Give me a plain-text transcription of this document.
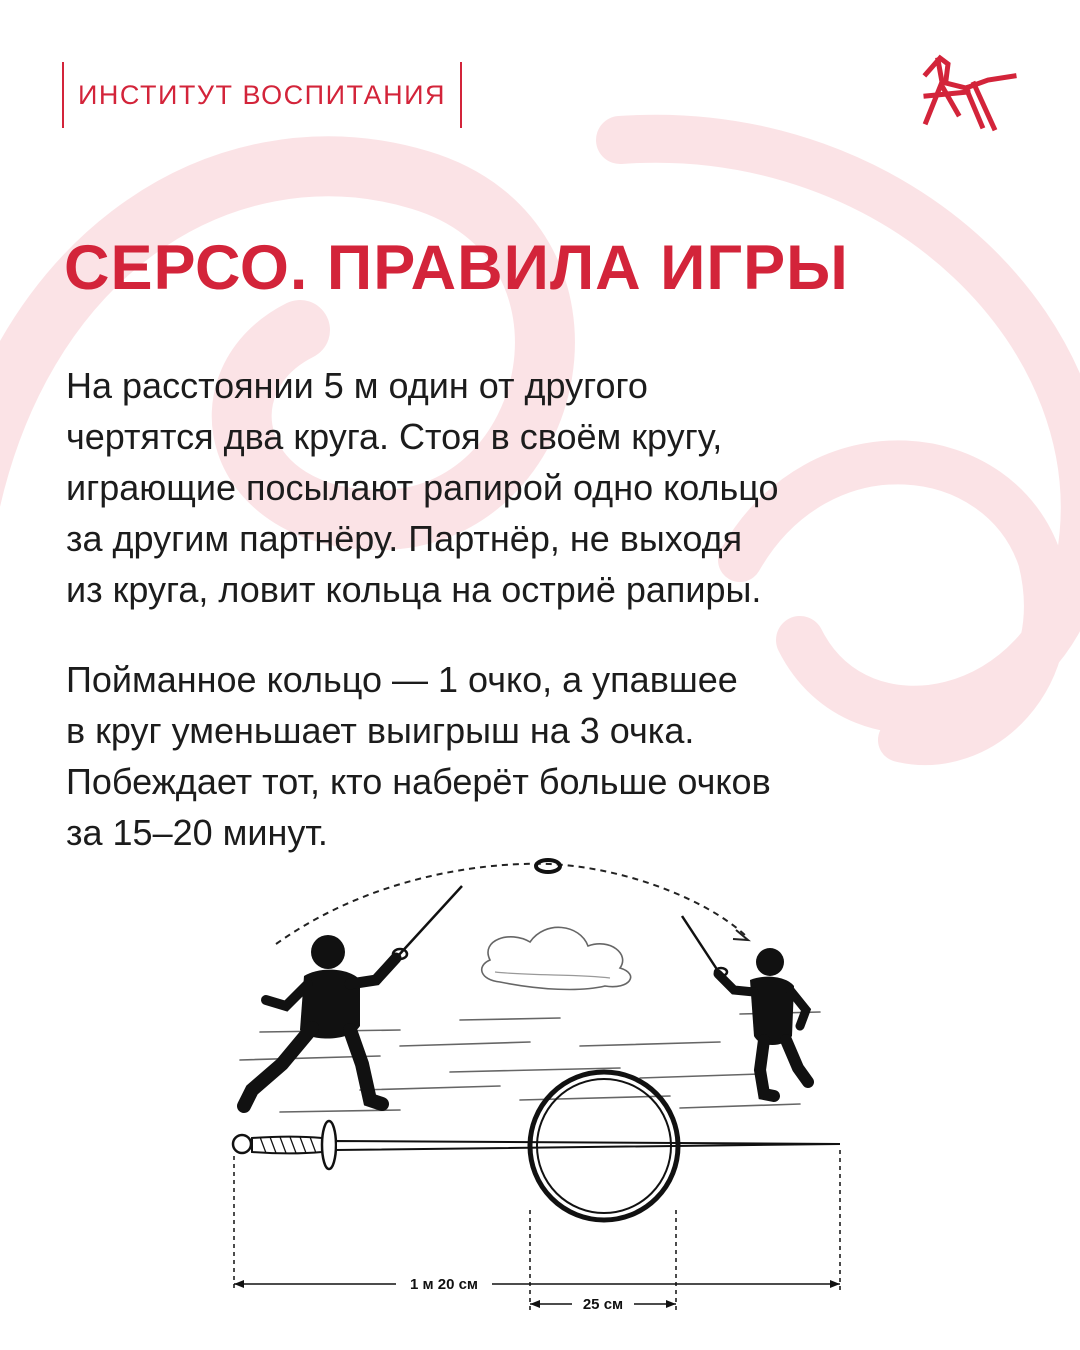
ИНСТИТУТ ВОСПИТАНИЯ
СЕРСО. ПРАВИЛА ИГРЫ
На расстоянии 5 м один от другого
чертятся два круга. Стоя в своём кругу,
играющие посылают рапирой одно кольцо
за другим партнёру. Партнёр, не выходя
из круга, ловит кольца на остриё рапиры.
Пойманное кольцо — 1 очко, а упавшее
в круг уменьшает выигрыш на 3 очка.
Побеждает тот, кто наберёт больше очков
за 15–20 минут.
1 м 20 см
25 см
